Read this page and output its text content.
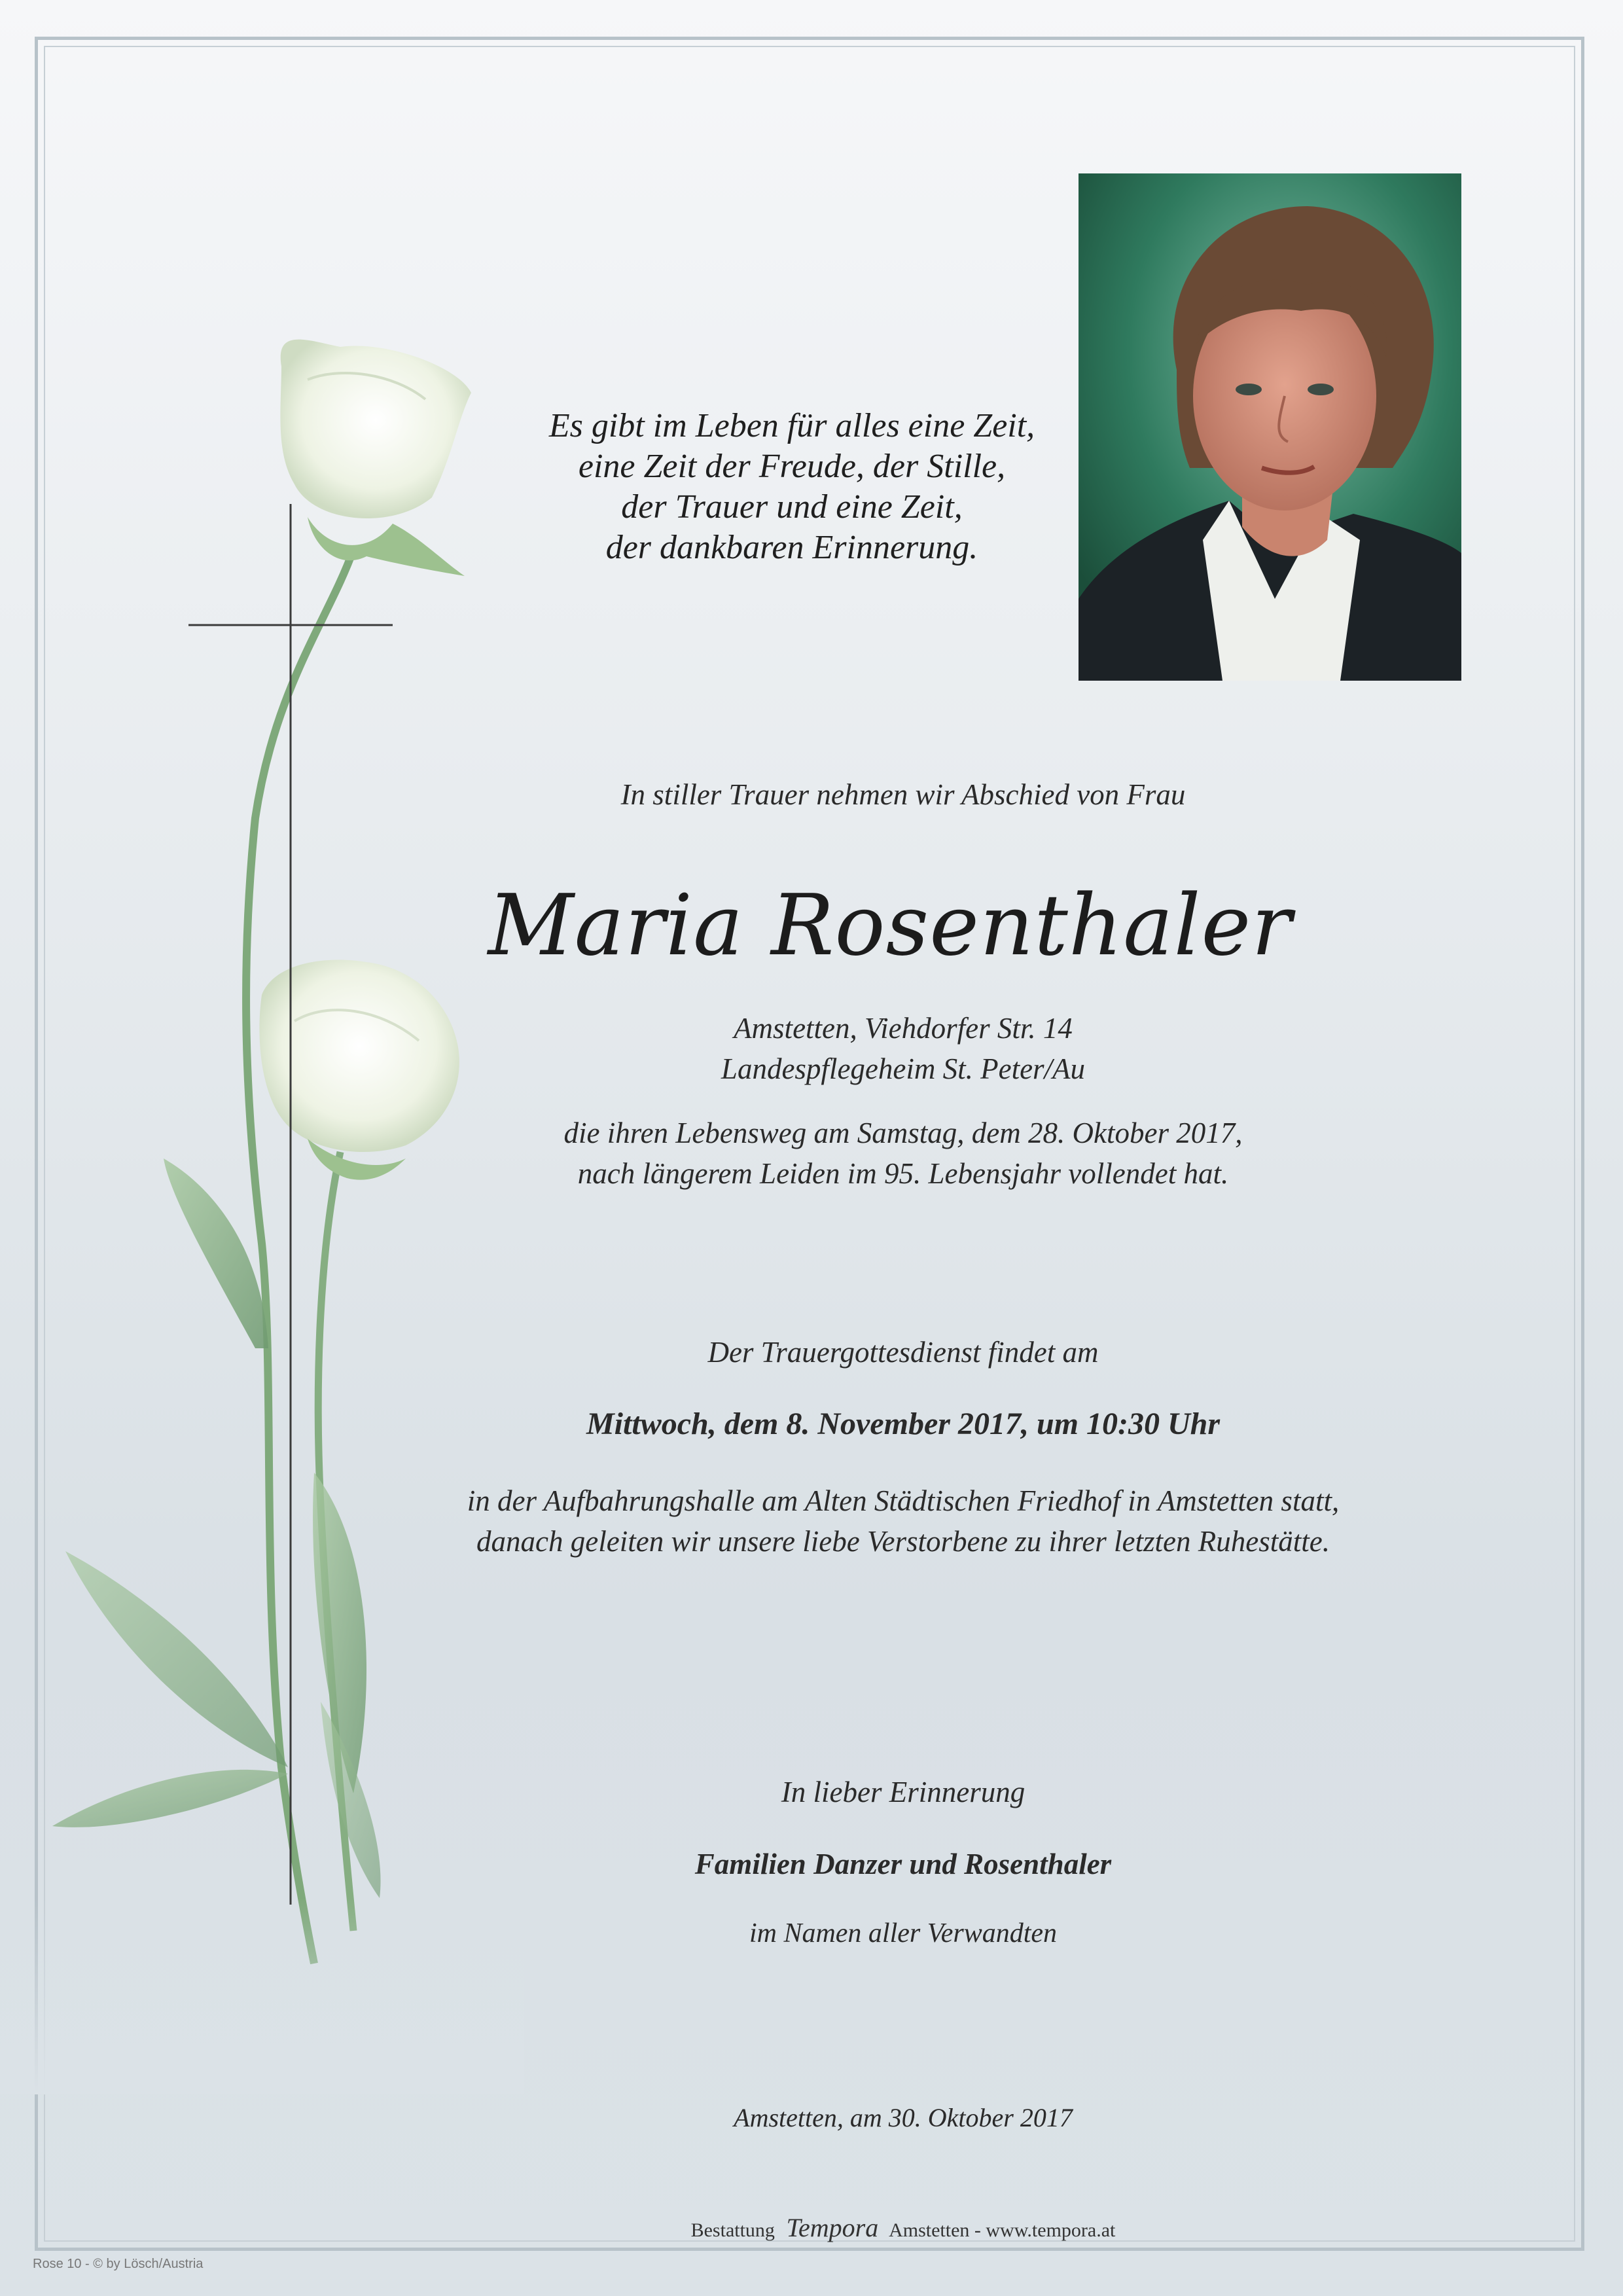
Es gibt im Leben für alles eine Zeit,
eine Zeit der Freude, der Stille,
der Trauer und eine Zeit,
der dankbaren Erinnerung.
In stiller Trauer nehmen wir Abschied von Frau
Maria Rosenthaler
Amstetten, Viehdorfer Str. 14
Landespflegeheim St. Peter/Au
die ihren Lebensweg am Samstag, dem 28. Oktober 2017,
nach längerem Leiden im 95. Lebensjahr vollendet hat.
Der Trauergottesdienst findet am
Mittwoch, dem 8. November 2017, um 10:30 Uhr
in der Aufbahrungshalle am Alten Städtischen Friedhof in Amstetten statt,
danach geleiten wir unsere liebe Verstorbene zu ihrer letzten Ruhestätte.
In lieber Erinnerung
Familien Danzer und Rosenthaler
im Namen aller Verwandten
Amstetten, am 30. Oktober 2017
Bestattung Tempora Amstetten - www.tempora.at
Rose 10 - © by Lösch/Austria
